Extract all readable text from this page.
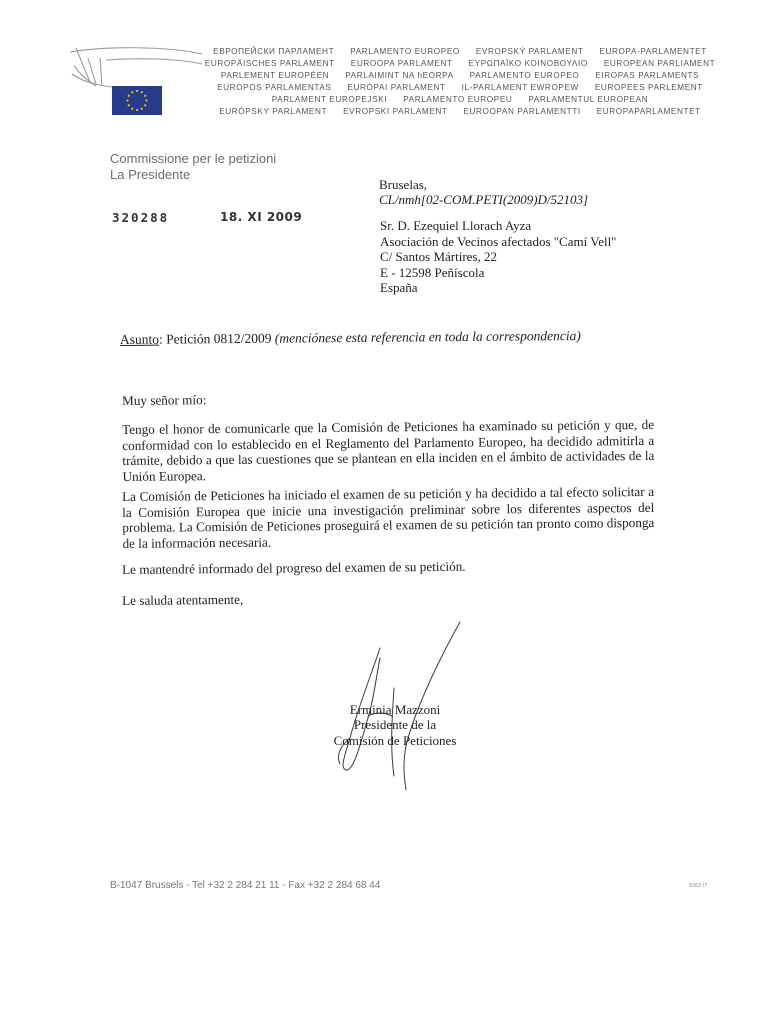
ЕВРОПЕЙСКИ ПАРЛАМЕНТ PARLAMENTO EUROPEO EVROPSKÝ PARLAMENT EUROPA-PARLAMENTET
EUROPÄISCHES PARLAMENT EUROOPA PARLAMENT ΕΥΡΩΠΑΪΚΟ ΚΟΙΝΟΒΟΥΛΙΟ EUROPEAN PARLIAMENT
PARLEMENT EUROPÉEN PARLAIMINT NA hEORPA PARLAMENTO EUROPEO EIROPAS PARLAMENTS
EUROPOS PARLAMENTAS EURÓPAI PARLAMENT IL-PARLAMENT EWROPEW EUROPEES PARLEMENT
PARLAMENT EUROPEJSKI PARLAMENTO EUROPEU PARLAMENTUL EUROPEAN
EURÓPSKY PARLAMENT EVROPSKI PARLAMENT EUROOPAN PARLAMENTTI EUROPAPARLAMENTET
Commissione per le petizioni
La Presidente
320288	18. XI 2009
Bruselas,
CL/nmh[02-COM.PETI(2009)D/52103]
Sr. D. Ezequiel Llorach Ayza
Asociación de Vecinos afectados "Camí Vell"
C/ Santos Mártires, 22
E - 12598 Peñíscola
España
Asunto: Petición 0812/2009 (menciónese esta referencia en toda la correspondencia)
Muy señor mío:
Tengo el honor de comunicarle que la Comisión de Peticiones ha examinado su petición y que, de conformidad con lo establecido en el Reglamento del Parlamento Europeo, ha decidido admitirla a trámite, debido a que las cuestiones que se plantean en ella inciden en el ámbito de actividades de la Unión Europea.
La Comisión de Peticiones ha iniciado el examen de su petición y ha decidido a tal efecto solicitar a la Comisión Europea que inicie una investigación preliminar sobre los diferentes aspectos del problema. La Comisión de Peticiones proseguirá el examen de su petición tan pronto como disponga de la información necesaria.
Le mantendré informado del progreso del examen de su petición.
Le saluda atentamente,
Erminia Mazzoni
Presidente de la
Comisión de Peticiones
B-1047 Brussels - Tel +32 2 284 21 11 - Fax +32 2 284 68 44	5363 IT
